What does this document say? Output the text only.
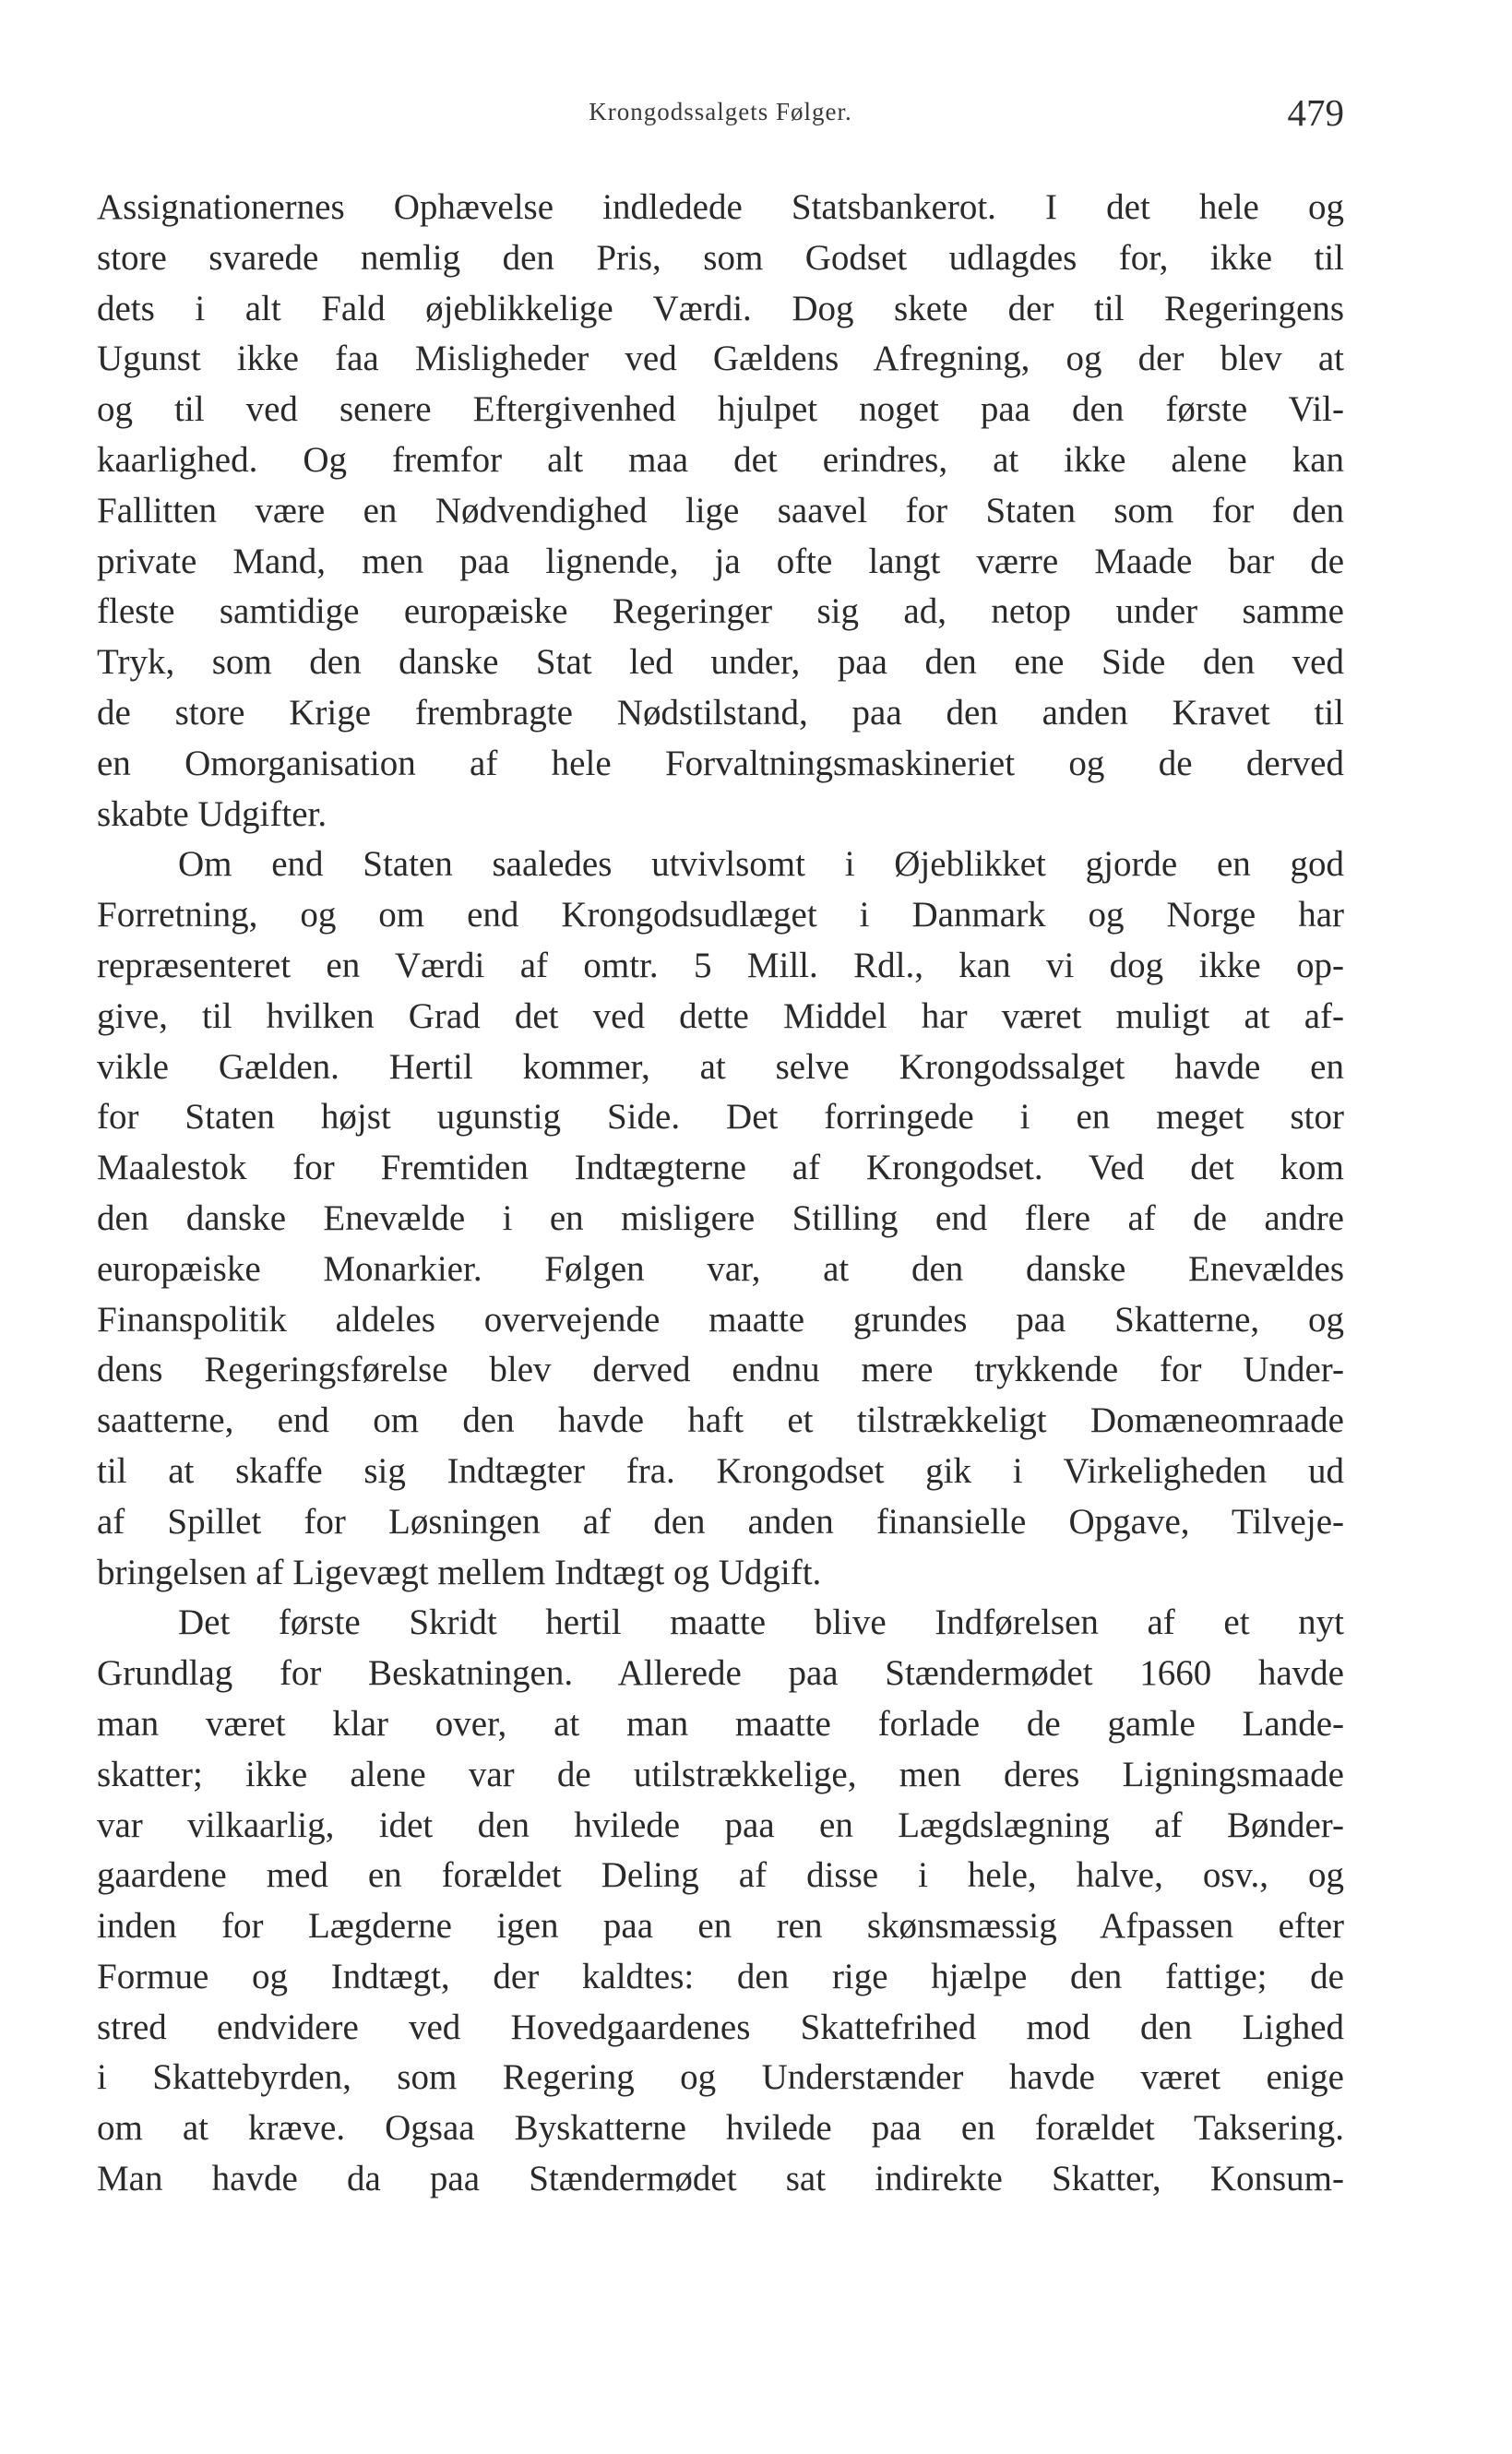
Krongodssalgets Følger.	479
Assignationernes Ophævelse indledede Statsbankerot. I det hele og
store svarede nemlig den Pris, som Godset udlagdes for, ikke til
dets i alt Fald øjeblikkelige Værdi. Dog skete der til Regeringens
Ugunst ikke faa Misligheder ved Gældens Afregning, og der blev at
og til ved senere Eftergivenhed hjulpet noget paa den første Vil-
kaarlighed. Og fremfor alt maa det erindres, at ikke alene kan
Fallitten være en Nødvendighed lige saavel for Staten som for den
private Mand, men paa lignende, ja ofte langt værre Maade bar de
fleste samtidige europæiske Regeringer sig ad, netop under samme
Tryk, som den danske Stat led under, paa den ene Side den ved
de store Krige frembragte Nødstilstand, paa den anden Kravet til
en Omorganisation af hele Forvaltningsmaskineriet og de derved
skabte Udgifter.
Om end Staten saaledes utvivlsomt i Øjeblikket gjorde en god
Forretning, og om end Krongodsudlæget i Danmark og Norge har
repræsenteret en Værdi af omtr. 5 Mill. Rdl., kan vi dog ikke op-
give, til hvilken Grad det ved dette Middel har været muligt at af-
vikle Gælden. Hertil kommer, at selve Krongodssalget havde en
for Staten højst ugunstig Side. Det forringede i en meget stor
Maalestok for Fremtiden Indtægterne af Krongodset. Ved det kom
den danske Enevælde i en misligere Stilling end flere af de andre
europæiske Monarkier. Følgen var, at den danske Enevældes
Finanspolitik aldeles overvejende maatte grundes paa Skatterne, og
dens Regeringsførelse blev derved endnu mere trykkende for Under-
saatterne, end om den havde haft et tilstrækkeligt Domæneomraade
til at skaffe sig Indtægter fra. Krongodset gik i Virkeligheden ud
af Spillet for Løsningen af den anden finansielle Opgave, Tilveje-
bringelsen af Ligevægt mellem Indtægt og Udgift.
Det første Skridt hertil maatte blive Indførelsen af et nyt
Grundlag for Beskatningen. Allerede paa Stændermødet 1660 havde
man været klar over, at man maatte forlade de gamle Lande-
skatter; ikke alene var de utilstrækkelige, men deres Ligningsmaade
var vilkaarlig, idet den hvilede paa en Lægdslægning af Bønder-
gaardene med en forældet Deling af disse i hele, halve, osv., og
inden for Lægderne igen paa en ren skønsmæssig Afpassen efter
Formue og Indtægt, der kaldtes: den rige hjælpe den fattige; de
stred endvidere ved Hovedgaardenes Skattefrihed mod den Lighed
i Skattebyrden, som Regering og Understænder havde været enige
om at kræve. Ogsaa Byskatterne hvilede paa en forældet Taksering.
Man havde da paa Stændermødet sat indirekte Skatter, Konsum-
